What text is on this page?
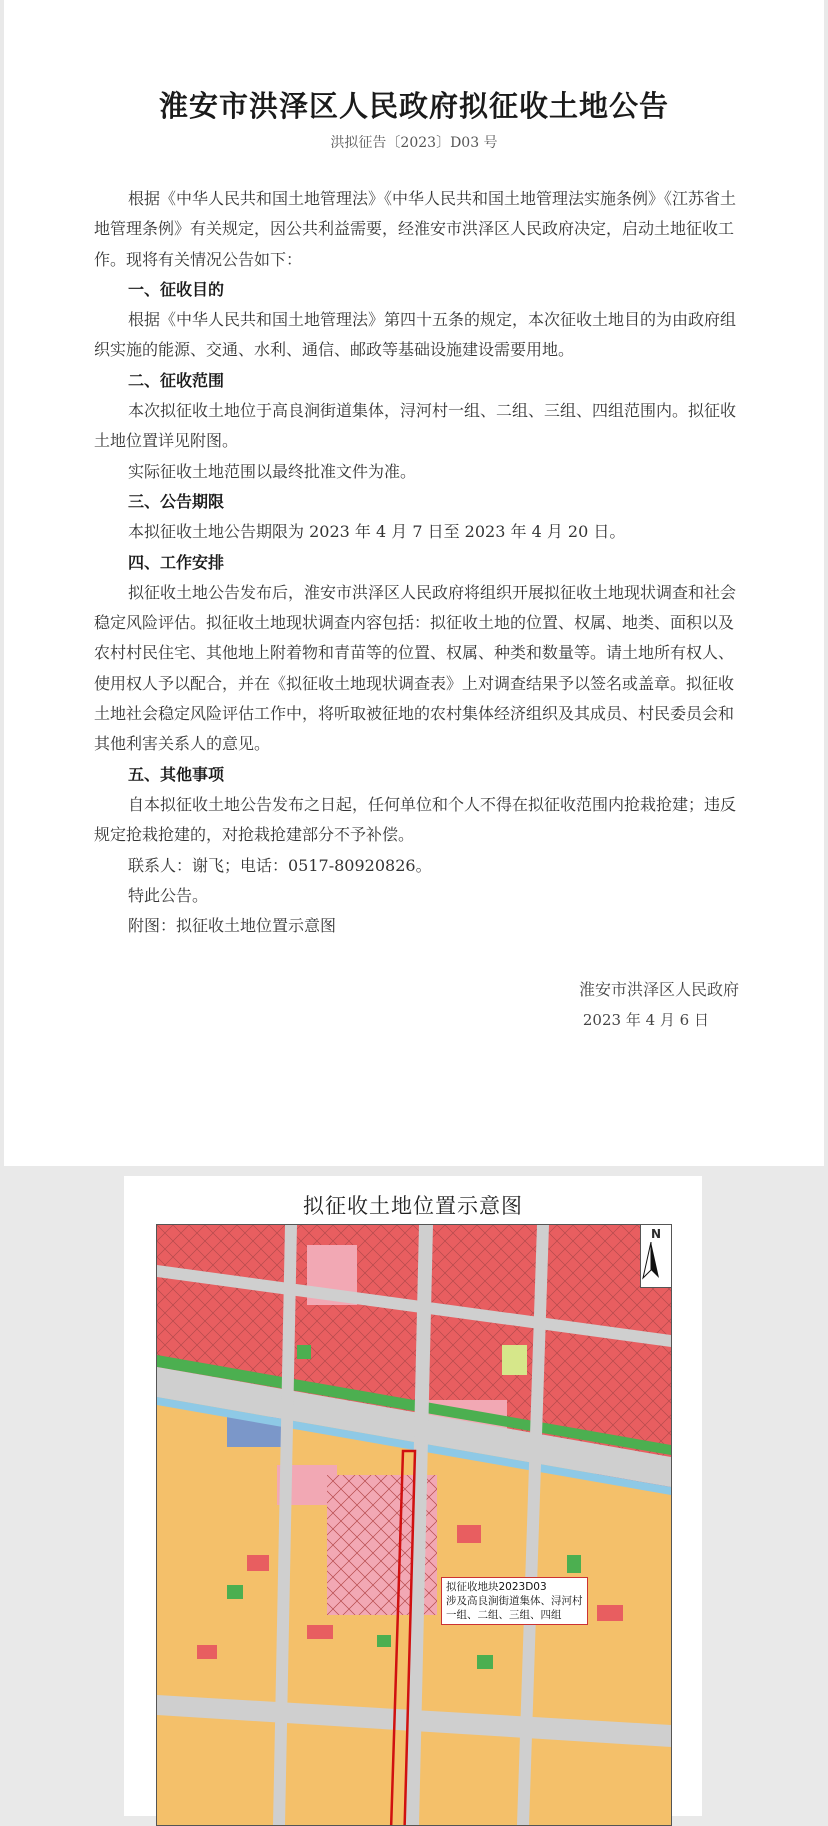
淮安市洪泽区人民政府拟征收土地公告
洪拟征告〔2023〕D03 号

根据《中华人民共和国土地管理法》《中华人民共和国土地管理法实施条例》《江苏省土地管理条例》有关规定，因公共利益需要，经淮安市洪泽区人民政府决定，启动土地征收工作。现将有关情况公告如下：

一、征收目的

根据《中华人民共和国土地管理法》第四十五条的规定，本次征收土地目的为由政府组织实施的能源、交通、水利、通信、邮政等基础设施建设需要用地。

二、征收范围

本次拟征收土地位于高良涧街道集体，浔河村一组、二组、三组、四组范围内。拟征收土地位置详见附图。

实际征收土地范围以最终批准文件为准。

三、公告期限

本拟征收土地公告期限为 2023 年 4 月 7 日至 2023 年 4 月 20 日。

四、工作安排

拟征收土地公告发布后，淮安市洪泽区人民政府将组织开展拟征收土地现状调查和社会稳定风险评估。拟征收土地现状调查内容包括：拟征收土地的位置、权属、地类、面积以及农村村民住宅、其他地上附着物和青苗等的位置、权属、种类和数量等。请土地所有权人、使用权人予以配合，并在《拟征收土地现状调查表》上对调查结果予以签名或盖章。拟征收土地社会稳定风险评估工作中，将听取被征地的农村集体经济组织及其成员、村民委员会和其他利害关系人的意见。

五、其他事项

自本拟征收土地公告发布之日起，任何单位和个人不得在拟征收范围内抢栽抢建；违反规定抢栽抢建的，对抢栽抢建部分不予补偿。

联系人：谢飞；电话：0517-80920826。

特此公告。

附图：拟征收土地位置示意图

淮安市洪泽区人民政府
2023 年 4 月 6 日
拟征收土地位置示意图
N
拟征收地块2023D03
涉及高良涧街道集体、浔河村
一组、二组、三组、四组
